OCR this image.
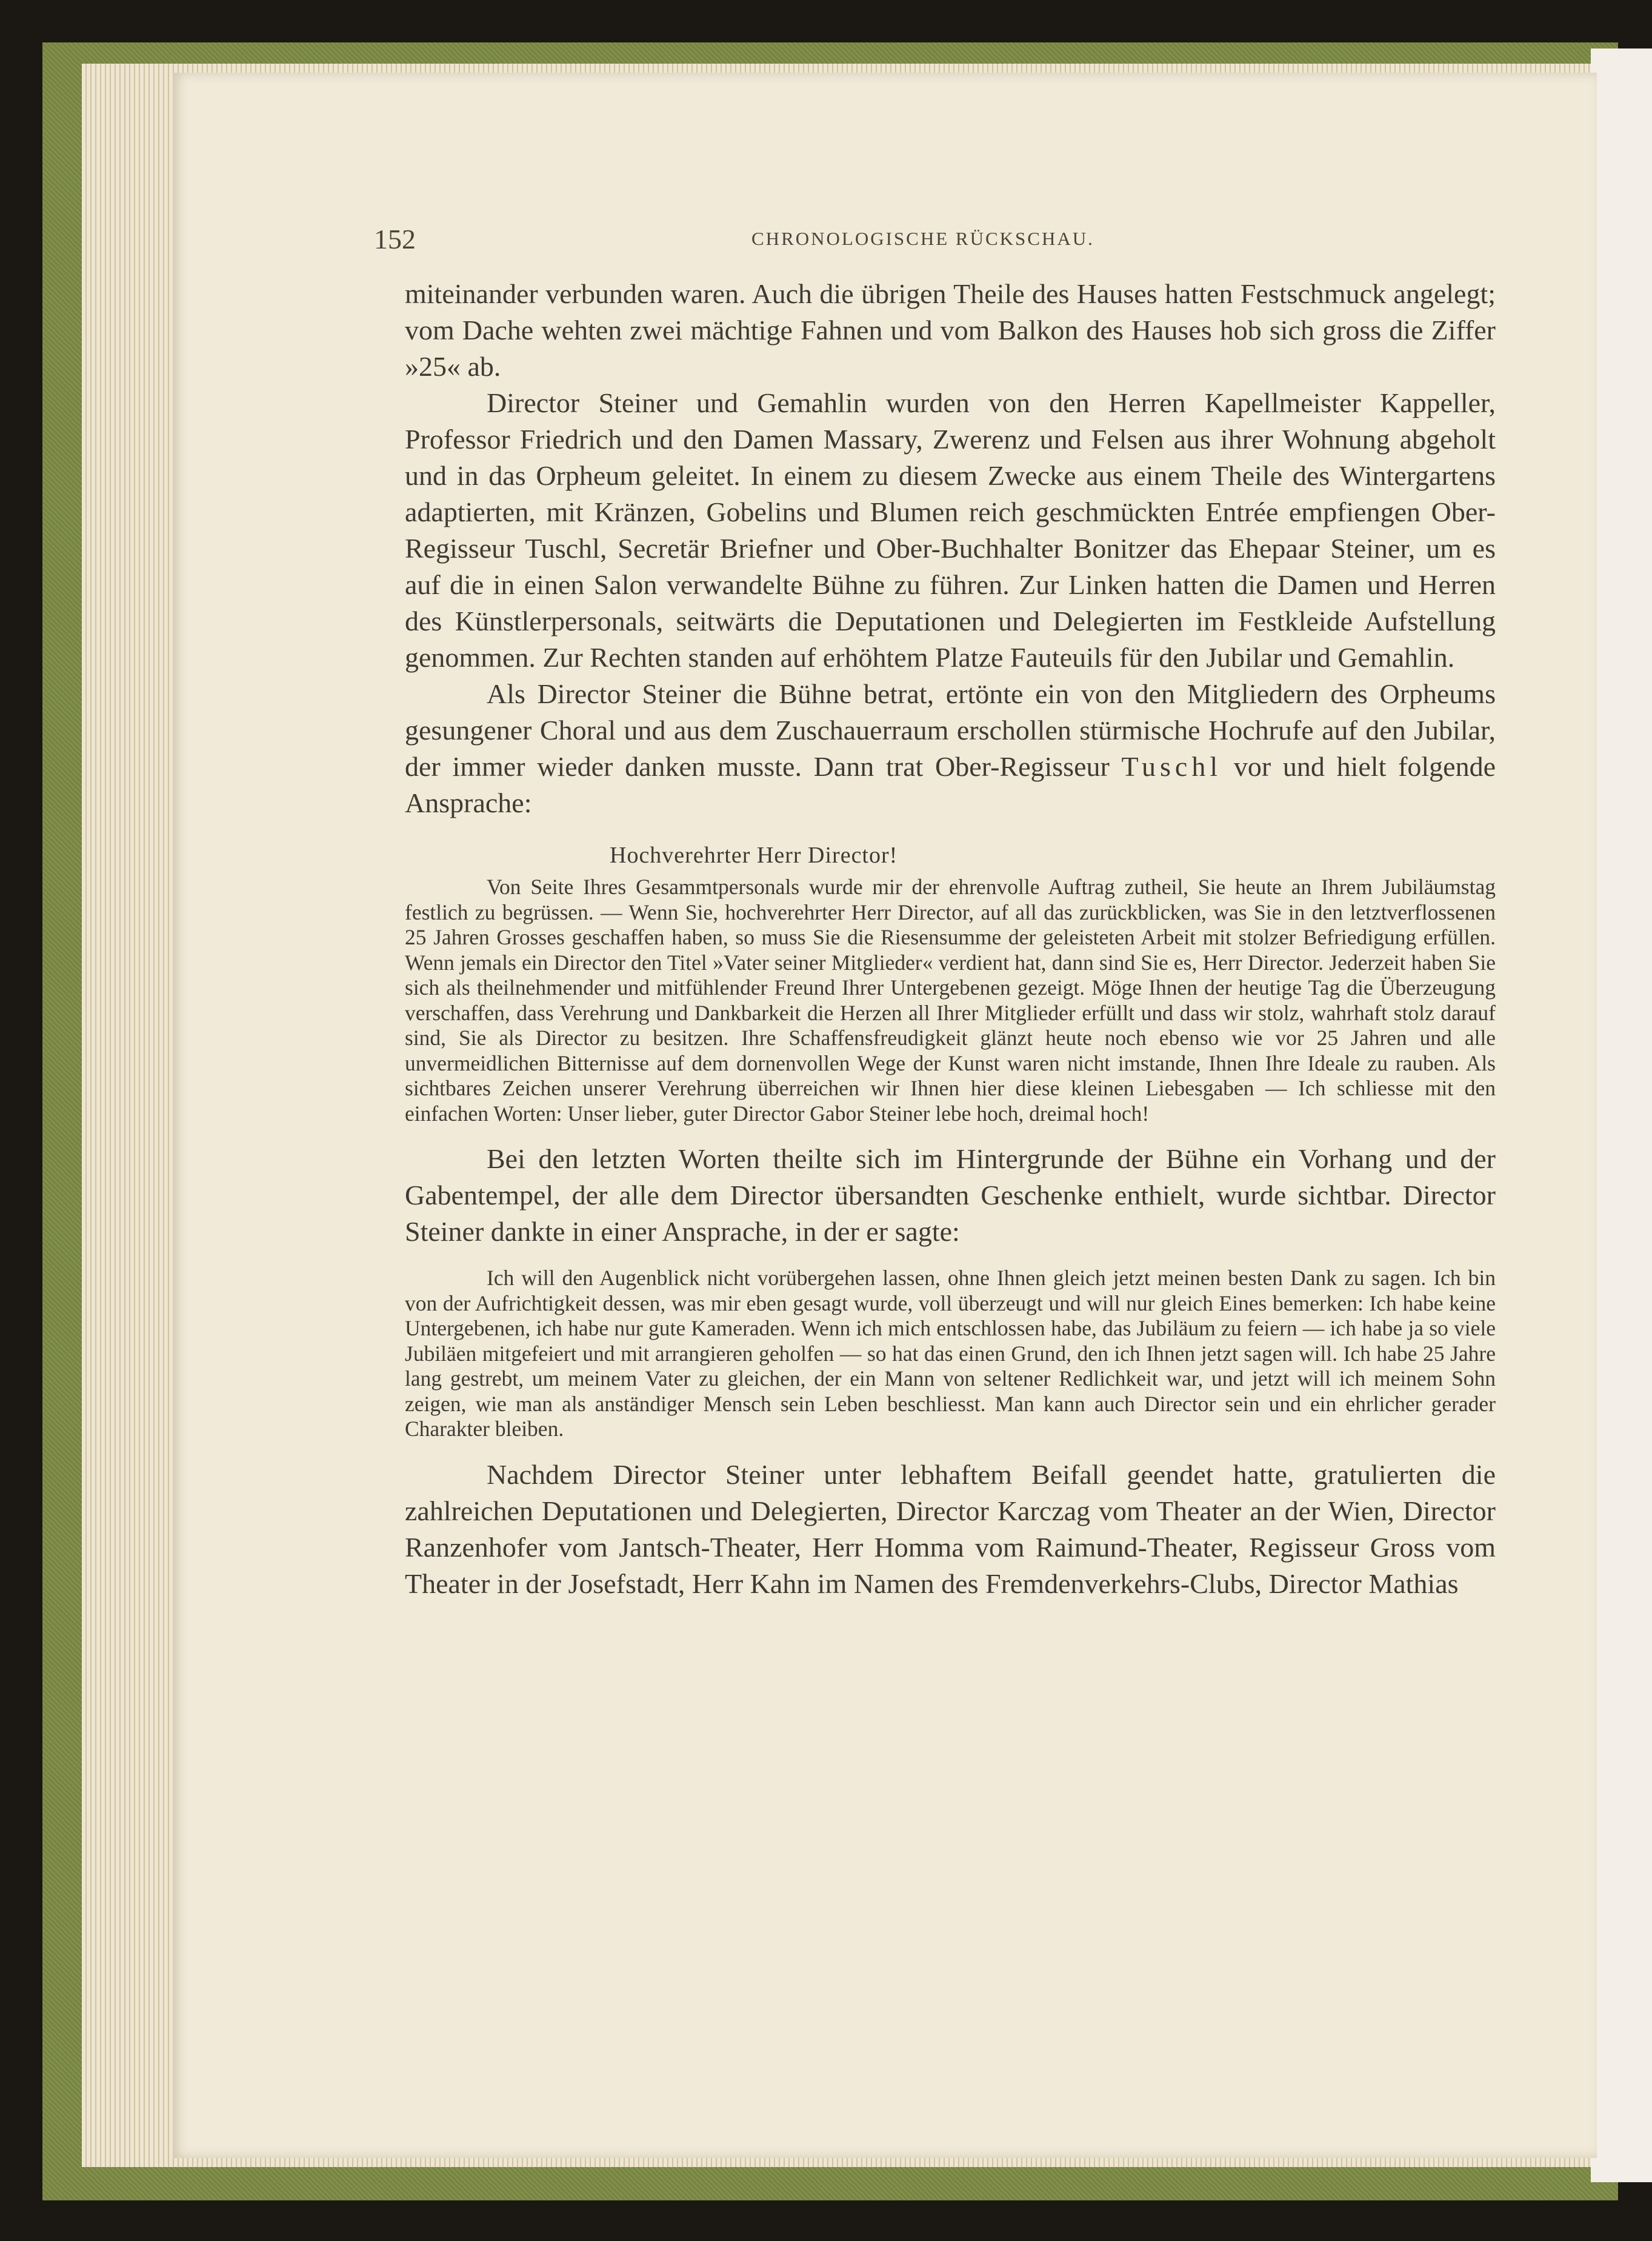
152	CHRONOLOGISCHE RÜCKSCHAU.

miteinander verbunden waren. Auch die übrigen Theile des Hauses hatten Festschmuck angelegt; vom Dache wehten zwei mächtige Fahnen und vom Balkon des Hauses hob sich gross die Ziffer »25« ab.

Director Steiner und Gemahlin wurden von den Herren Kapellmeister Kappeller, Professor Friedrich und den Damen Massary, Zwerenz und Felsen aus ihrer Wohnung abgeholt und in das Orpheum geleitet. In einem zu diesem Zwecke aus einem Theile des Wintergartens adaptierten, mit Kränzen, Gobelins und Blumen reich geschmückten Entrée empfiengen Ober-Regisseur Tuschl, Secretär Briefner und Ober-Buchhalter Bonitzer das Ehepaar Steiner, um es auf die in einen Salon verwandelte Bühne zu führen. Zur Linken hatten die Damen und Herren des Künstlerpersonals, seitwärts die Deputationen und Delegierten im Festkleide Aufstellung genommen. Zur Rechten standen auf erhöhtem Platze Fauteuils für den Jubilar und Gemahlin.

Als Director Steiner die Bühne betrat, ertönte ein von den Mitgliedern des Orpheums gesungener Choral und aus dem Zuschauerraum erschollen stürmische Hochrufe auf den Jubilar, der immer wieder danken musste. Dann trat Ober-Regisseur Tuschl vor und hielt folgende Ansprache:

Hochverehrter Herr Director!

Von Seite Ihres Gesammtpersonals wurde mir der ehrenvolle Auftrag zutheil, Sie heute an Ihrem Jubiläumstag festlich zu begrüssen. — Wenn Sie, hochverehrter Herr Director, auf all das zurückblicken, was Sie in den letztverflossenen 25 Jahren Grosses geschaffen haben, so muss Sie die Riesensumme der geleisteten Arbeit mit stolzer Befriedigung erfüllen. Wenn jemals ein Director den Titel »Vater seiner Mitglieder« verdient hat, dann sind Sie es, Herr Director. Jederzeit haben Sie sich als theilnehmender und mitfühlender Freund Ihrer Untergebenen gezeigt. Möge Ihnen der heutige Tag die Überzeugung verschaffen, dass Verehrung und Dankbarkeit die Herzen all Ihrer Mitglieder erfüllt und dass wir stolz, wahrhaft stolz darauf sind, Sie als Director zu besitzen. Ihre Schaffensfreudigkeit glänzt heute noch ebenso wie vor 25 Jahren und alle unvermeidlichen Bitternisse auf dem dornenvollen Wege der Kunst waren nicht imstande, Ihnen Ihre Ideale zu rauben. Als sichtbares Zeichen unserer Verehrung überreichen wir Ihnen hier diese kleinen Liebesgaben — Ich schliesse mit den einfachen Worten: Unser lieber, guter Director Gabor Steiner lebe hoch, dreimal hoch!

Bei den letzten Worten theilte sich im Hintergrunde der Bühne ein Vorhang und der Gabentempel, der alle dem Director übersandten Geschenke enthielt, wurde sichtbar. Director Steiner dankte in einer Ansprache, in der er sagte:

Ich will den Augenblick nicht vorübergehen lassen, ohne Ihnen gleich jetzt meinen besten Dank zu sagen. Ich bin von der Aufrichtigkeit dessen, was mir eben gesagt wurde, voll überzeugt und will nur gleich Eines bemerken: Ich habe keine Untergebenen, ich habe nur gute Kameraden. Wenn ich mich entschlossen habe, das Jubiläum zu feiern — ich habe ja so viele Jubiläen mitgefeiert und mit arrangieren geholfen — so hat das einen Grund, den ich Ihnen jetzt sagen will. Ich habe 25 Jahre lang gestrebt, um meinem Vater zu gleichen, der ein Mann von seltener Redlichkeit war, und jetzt will ich meinem Sohn zeigen, wie man als anständiger Mensch sein Leben beschliesst. Man kann auch Director sein und ein ehrlicher gerader Charakter bleiben.

Nachdem Director Steiner unter lebhaftem Beifall geendet hatte, gratulierten die zahlreichen Deputationen und Delegierten, Director Karczag vom Theater an der Wien, Director Ranzenhofer vom Jantsch-Theater, Herr Homma vom Raimund-Theater, Regisseur Gross vom Theater in der Josefstadt, Herr Kahn im Namen des Fremdenverkehrs-Clubs, Director Mathias
